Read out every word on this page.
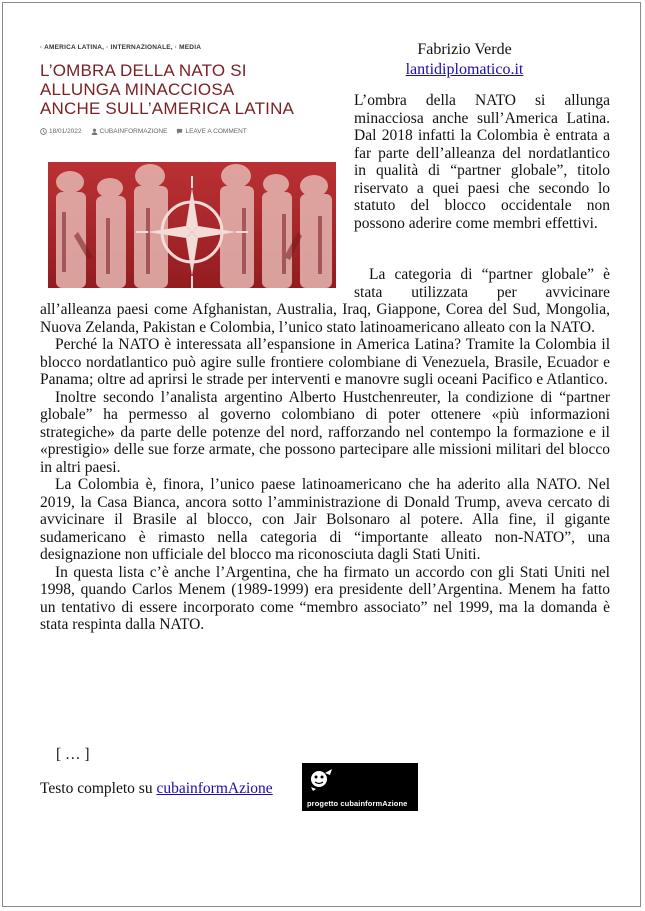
· AMERICA LATINA, · INTERNAZIONALE, · MEDIA
L’OMBRA DELLA NATO SI
ALLUNGA MINACCIOSA
ANCHE SULL’AMERICA LATINA
18/01/2022	CUBAINFORMAZIONE	LEAVE A COMMENT
Fabrizio Verde
lantidiplomatico.it

L’ombra della NATO si allunga minacciosa anche sull’America Latina. Dal 2018 infatti la Colombia è entrata a far parte dell’alleanza del nordatlantico in qualità di “partner globale”, titolo riservato a quei paesi che secondo lo statuto del blocco occidentale non possono aderire come membri effettivi.

La categoria di “partner globale” è stata utilizzata per avvicinare all’alleanza paesi come Afghanistan, Australia, Iraq, Giappone, Corea del Sud, Mongolia, Nuova Zelanda, Pakistan e Colombia, l’unico stato latinoamericano alleato con la NATO.

Perché la NATO è interessata all’espansione in America Latina? Tramite la Colombia il blocco nordatlantico può agire sulle frontiere colombiane di Venezuela, Brasile, Ecuador e Panama; oltre ad aprirsi le strade per interventi e manovre sugli oceani Pacifico e Atlantico.

Inoltre secondo l’analista argentino Alberto Hustchenreuter, la condizione di “partner globale” ha permesso al governo colombiano di poter ottenere «più informazioni strategiche» da parte delle potenze del nord, rafforzando nel contempo la formazione e il «prestigio» delle sue forze armate, che possono partecipare alle missioni militari del blocco in altri paesi.

La Colombia è, finora, l’unico paese latinoamericano che ha aderito alla NATO. Nel 2019, la Casa Bianca, ancora sotto l’amministrazione di Donald Trump, aveva cercato di avvicinare il Brasile al blocco, con Jair Bolsonaro al potere. Alla fine, il gigante sudamericano è rimasto nella categoria di “importante alleato non-NATO”, una designazione non ufficiale del blocco ma riconosciuta dagli Stati Uniti.

In questa lista c’è anche l’Argentina, che ha firmato un accordo con gli Stati Uniti nel 1998, quando Carlos Menem (1989-1999) era presidente dell’Argentina. Menem ha fatto un tentativo di essere incorporato come “membro associato” nel 1999, ma la domanda è stata respinta dalla NATO.

[ … ]
Testo completo su cubainformAzione
progetto cubainformAzione
